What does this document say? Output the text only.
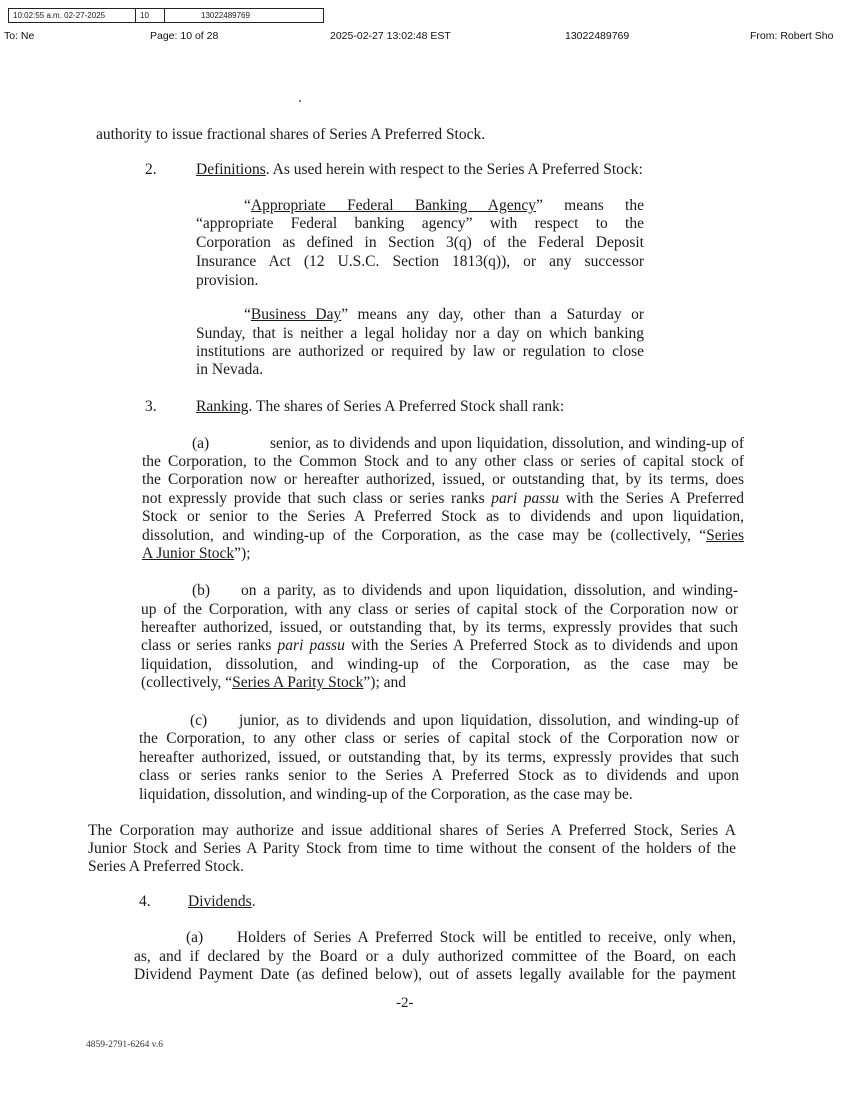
10:02:55 a.m. 02-27-2025	10	13022489769
To: Ne	Page: 10 of 28	2025-02-27 13:02:48 EST	13022489769	From: Robert Sho

authority to issue fractional shares of Series A Preferred Stock.

2.	Definitions. As used herein with respect to the Series A Preferred Stock:

“Appropriate Federal Banking Agency” means the

“appropriate Federal banking agency” with respect to the

Corporation as defined in Section 3(q) of the Federal Deposit

Insurance Act (12 U.S.C. Section 1813(q)), or any successor

provision.

“Business Day” means any day, other than a Saturday or

Sunday, that is neither a legal holiday nor a day on which banking

institutions are authorized or required by law or regulation to close

in Nevada.

3.	Ranking. The shares of Series A Preferred Stock shall rank:

(a)	senior, as to dividends and upon liquidation, dissolution, and winding-up of

the Corporation, to the Common Stock and to any other class or series of capital stock of

the Corporation now or hereafter authorized, issued, or outstanding that, by its terms, does

not expressly provide that such class or series ranks pari passu with the Series A Preferred

Stock or senior to the Series A Preferred Stock as to dividends and upon liquidation,

dissolution, and winding-up of the Corporation, as the case may be (collectively, “Series

A Junior Stock”);

(b) on a parity, as to dividends and upon liquidation, dissolution, and winding-

up of the Corporation, with any class or series of capital stock of the Corporation now or

hereafter authorized, issued, or outstanding that, by its terms, expressly provides that such

class or series ranks pari passu with the Series A Preferred Stock as to dividends and upon

liquidation, dissolution, and winding-up of the Corporation, as the case may be

(collectively, “Series A Parity Stock”); and

(c) junior, as to dividends and upon liquidation, dissolution, and winding-up of

the Corporation, to any other class or series of capital stock of the Corporation now or

hereafter authorized, issued, or outstanding that, by its terms, expressly provides that such

class or series ranks senior to the Series A Preferred Stock as to dividends and upon

liquidation, dissolution, and winding-up of the Corporation, as the case may be.

The Corporation may authorize and issue additional shares of Series A Preferred Stock, Series A

Junior Stock and Series A Parity Stock from time to time without the consent of the holders of the

Series A Preferred Stock.

4. Dividends.

(a) Holders of Series A Preferred Stock will be entitled to receive, only when,

as, and if declared by the Board or a duly authorized committee of the Board, on each

Dividend Payment Date (as defined below), out of assets legally available for the payment

-2-
4859-2791-6264 v.6
